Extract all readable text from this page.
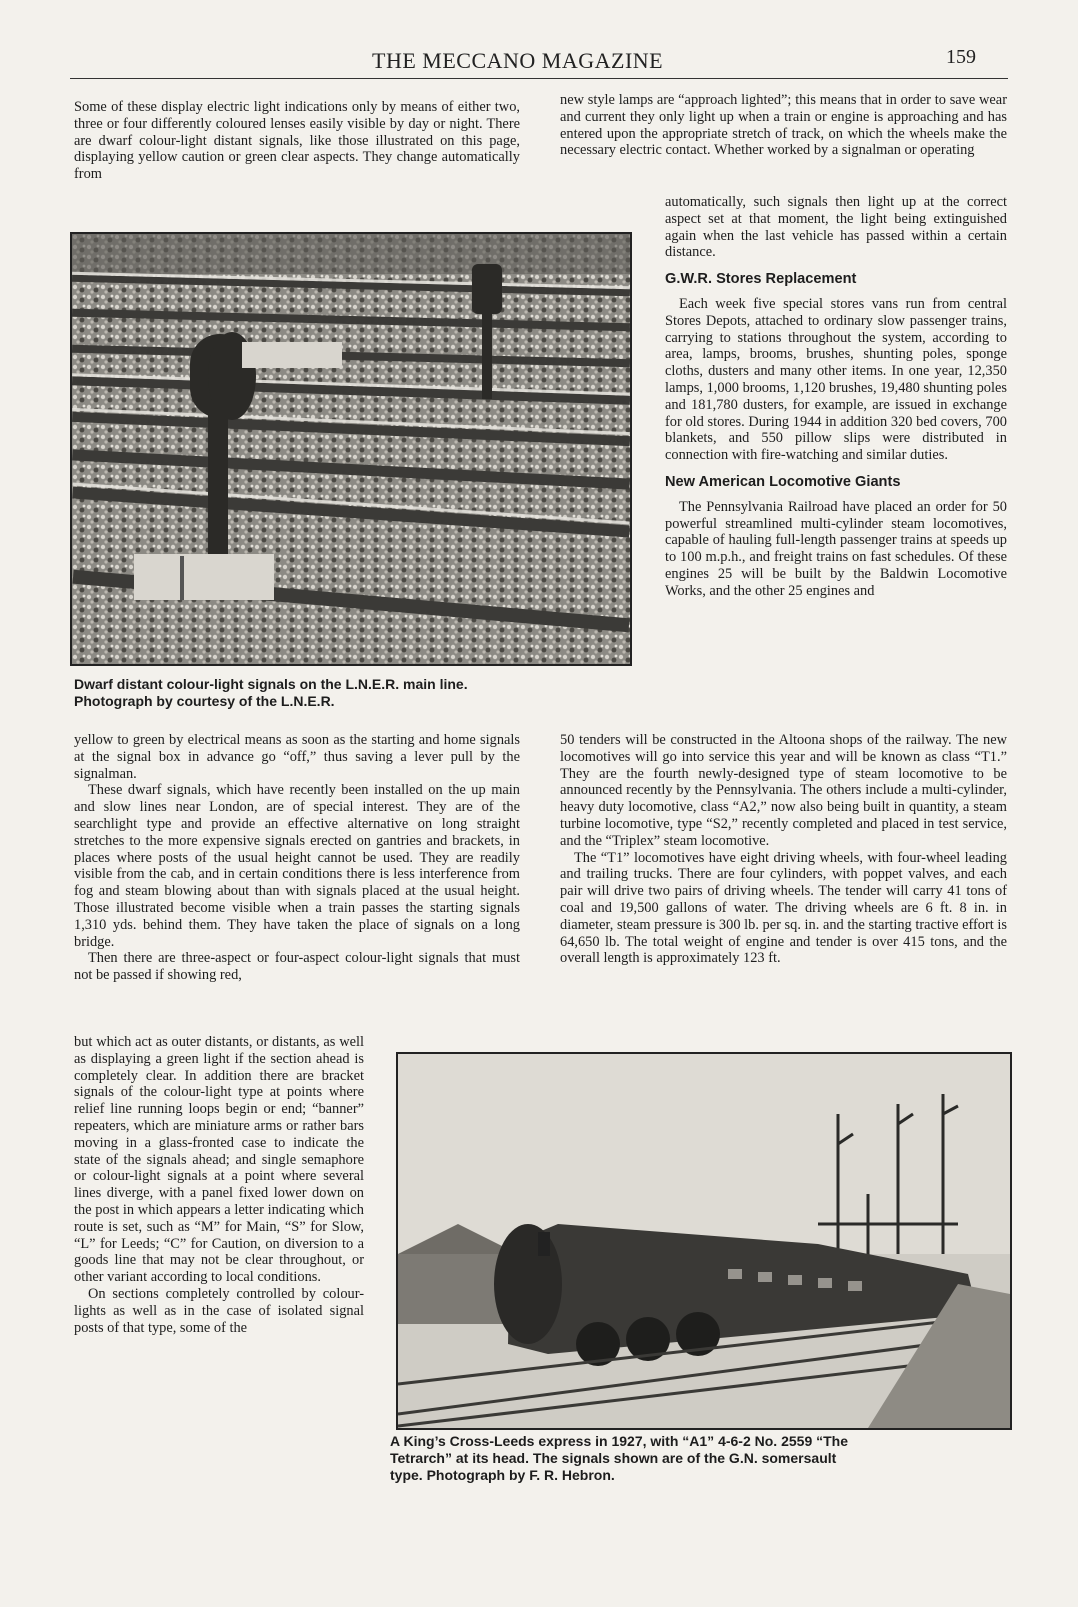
THE MECCANO MAGAZINE	159

Some of these display electric light indications only by means of either two, three or four differently coloured lenses easily visible by day or night. There are dwarf colour-light distant signals, like those illustrated on this page, displaying yellow caution or green clear aspects. They change automatically from

Dwarf distant colour-light signals on the L.N.E.R. main line.

Photograph by courtesy of the L.N.E.R.

yellow to green by electrical means as soon as the starting and home signals at the signal box in advance go “off,” thus saving a lever pull by the signalman.

These dwarf signals, which have recently been installed on the up main and slow lines near London, are of special interest. They are of the searchlight type and provide an effective alternative on long straight stretches to the more expensive signals erected on gantries and brackets, in places where posts of the usual height cannot be used. They are readily visible from the cab, and in certain conditions there is less interference from fog and steam blowing about than with signals placed at the usual height. Those illustrated become visible when a train passes the starting signals 1,310 yds. behind them. They have taken the place of signals on a long bridge.

Then there are three-aspect or four-aspect colour-light signals that must not be passed if showing red,

but which act as outer distants, or distants, as well as displaying a green light if the section ahead is completely clear. In addition there are bracket signals of the colour-light type at points where relief line running loops begin or end; “banner” repeaters, which are miniature arms or rather bars moving in a glass-fronted case to indicate the state of the signals ahead; and single semaphore or colour-light signals at a point where several lines diverge, with a panel fixed lower down on the post in which appears a letter indicating which route is set, such as “M” for Main, “S” for Slow, “L” for Leeds; “C” for Caution, on diversion to a goods line that may not be clear throughout, or other variant according to local conditions.

On sections completely controlled by colour-lights as well as in the case of isolated signal posts of that type, some of the

new style lamps are “approach lighted”; this means that in order to save wear and current they only light up when a train or engine is approaching and has entered upon the appropriate stretch of track, on which the wheels make the necessary electric contact. Whether worked by a signalman or operating

automatically, such signals then light up at the correct aspect set at that moment, the light being extinguished again when the last vehicle has passed within a certain distance.

G.W.R. Stores Replacement

Each week five special stores vans run from central Stores Depots, attached to ordinary slow passenger trains, carrying to stations throughout the system, according to area, lamps, brooms, brushes, shunting poles, sponge cloths, dusters and many other items. In one year, 12,350 lamps, 1,000 brooms, 1,120 brushes, 19,480 shunting poles and 181,780 dusters, for example, are issued in exchange for old stores. During 1944 in addition 320 bed covers, 700 blankets, and 550 pillow slips were distributed in connection with fire-watching and similar duties.

New American Locomotive Giants

The Pennsylvania Railroad have placed an order for 50 powerful streamlined multi-cylinder steam locomotives, capable of hauling full-length passenger trains at speeds up to 100 m.p.h., and freight trains on fast schedules. Of these engines 25 will be built by the Baldwin Locomotive Works, and the other 25 engines and

50 tenders will be constructed in the Altoona shops of the railway. The new locomotives will go into service this year and will be known as class “T1.” They are the fourth newly-designed type of steam locomotive to be announced recently by the Pennsylvania. The others include a multi-cylinder, heavy duty locomotive, class “A2,” now also being built in quantity, a steam turbine locomotive, type “S2,” recently completed and placed in test service, and the “Triplex” steam locomotive.

The “T1” locomotives have eight driving wheels, with four-wheel leading and trailing trucks. There are four cylinders, with poppet valves, and each pair will drive two pairs of driving wheels. The tender will carry 41 tons of coal and 19,500 gallons of water. The driving wheels are 6 ft. 8 in. in diameter, steam pressure is 300 lb. per sq. in. and the starting tractive effort is 64,650 lb. The total weight of engine and tender is over 415 tons, and the overall length is approximately 123 ft.

A King’s Cross-Leeds express in 1927, with “A1” 4-6-2 No. 2559 “The

Tetrarch” at its head. The signals shown are of the G.N. somersault

type. Photograph by F. R. Hebron.
